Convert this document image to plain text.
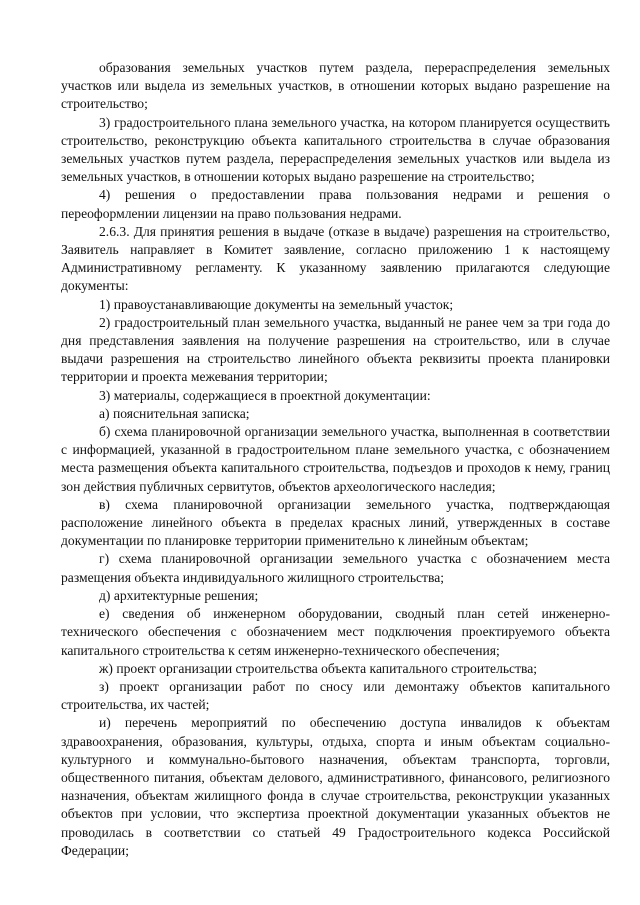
образования земельных участков путем раздела, перераспределения земельных участков или выдела из земельных участков, в отношении которых выдано разрешение на строительство;

3) градостроительного плана земельного участка, на котором планируется осуществить строительство, реконструкцию объекта капитального строительства в случае образования земельных участков путем раздела, перераспределения земельных участков или выдела из земельных участков, в отношении которых выдано разрешение на строительство;

4) решения о предоставлении права пользования недрами и решения о переоформлении лицензии на право пользования недрами.

2.6.3. Для принятия решения в выдаче (отказе в выдаче) разрешения на строительство, Заявитель направляет в Комитет заявление, согласно приложению 1 к настоящему Административному регламенту. К указанному заявлению прилагаются следующие документы:

1) правоустанавливающие документы на земельный участок;

2) градостроительный план земельного участка, выданный не ранее чем за три года до дня представления заявления на получение разрешения на строительство, или в случае выдачи разрешения на строительство линейного объекта реквизиты проекта планировки территории и проекта межевания территории;

3) материалы, содержащиеся в проектной документации:

а) пояснительная записка;

б) схема планировочной организации земельного участка, выполненная в соответствии с информацией, указанной в градостроительном плане земельного участка, с обозначением места размещения объекта капитального строительства, подъездов и проходов к нему, границ зон действия публичных сервитутов, объектов археологического наследия;

в) схема планировочной организации земельного участка, подтверждающая расположение линейного объекта в пределах красных линий, утвержденных в составе документации по планировке территории применительно к линейным объектам;

г) схема планировочной организации земельного участка с обозначением места размещения объекта индивидуального жилищного строительства;

д) архитектурные решения;

е) сведения об инженерном оборудовании, сводный план сетей инженерно-технического обеспечения с обозначением мест подключения проектируемого объекта капитального строительства к сетям инженерно-технического обеспечения;

ж) проект организации строительства объекта капитального строительства;

з) проект организации работ по сносу или демонтажу объектов капитального строительства, их частей;

и) перечень мероприятий по обеспечению доступа инвалидов к объектам здравоохранения, образования, культуры, отдыха, спорта и иным объектам социально-культурного и коммунально-бытового назначения, объектам транспорта, торговли, общественного питания, объектам делового, административного, финансового, религиозного назначения, объектам жилищного фонда в случае строительства, реконструкции указанных объектов при условии, что экспертиза проектной документации указанных объектов не проводилась в соответствии со статьей 49 Градостроительного кодекса Российской Федерации;
